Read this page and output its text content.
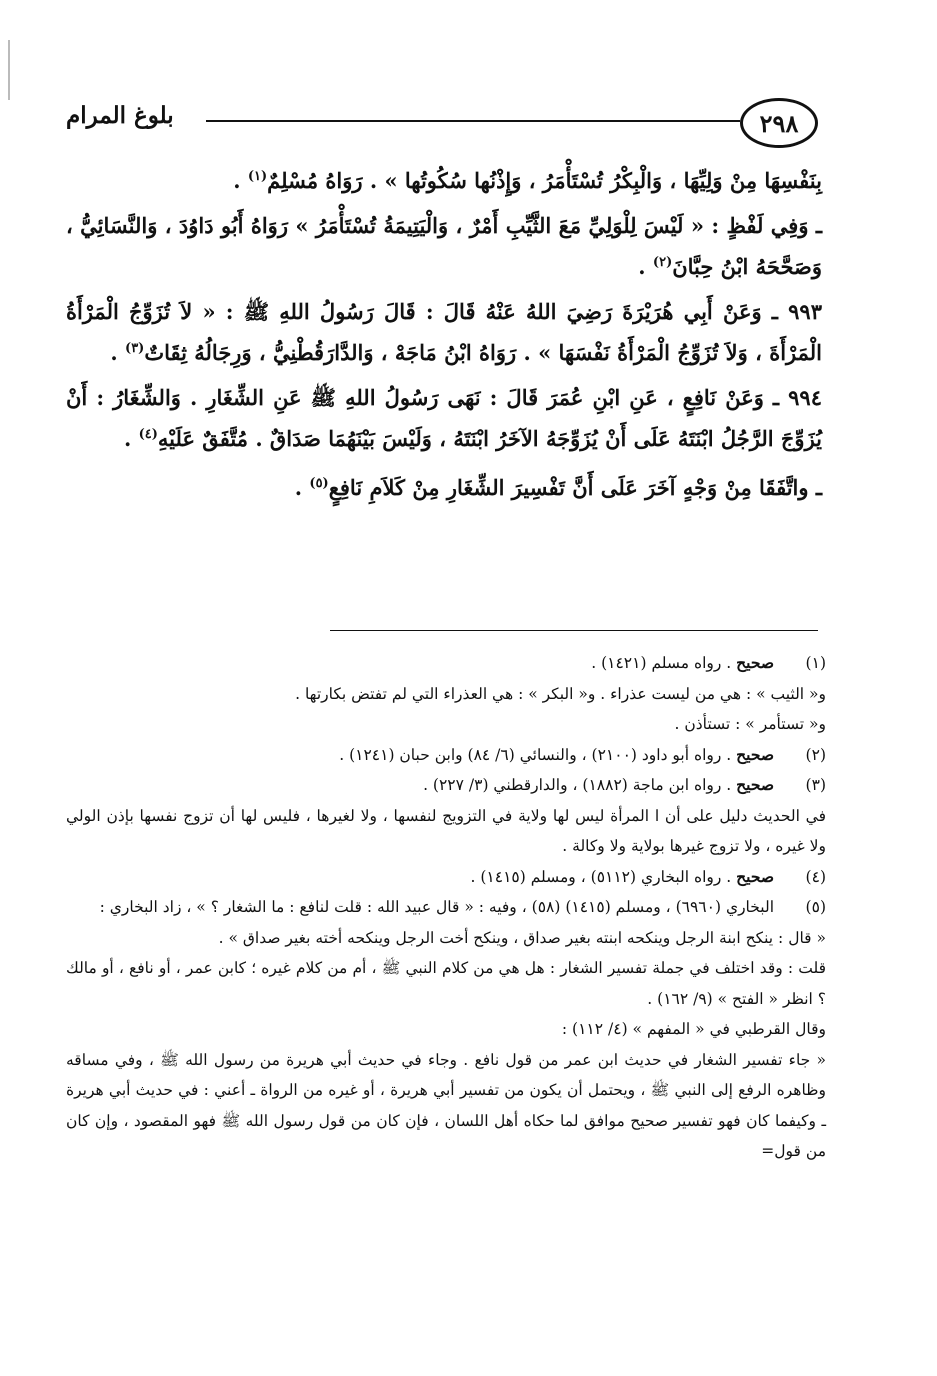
بلوغ المرام	٢٩٨

بِنَفْسِهَا مِنْ وَلِيِّهَا ، وَالْبِكْرُ تُسْتَأْمَرُ ، وَإِذْنُها سُكُوتُها » . رَوَاهُ مُسْلِمٌ$^{(١)}$ .

ـ وَفِي لَفْظٍ : « لَيْسَ لِلْوَلِيِّ مَعَ الثَّيِّبِ أَمْرٌ ، وَالْيَتِيمَةُ تُسْتَأْمَرُ » رَوَاهُ أَبُو دَاوُدَ ، وَالنَّسَائِيُّ ، وَصَحَّحَهُ ابْنُ حِبَّانَ$^{(٢)}$ .

٩٩٣ ـ وَعَنْ أَبِي هُرَيْرَةَ رَضِيَ اللهُ عَنْهُ قَالَ : قَالَ رَسُولُ اللهِ ﷺ : « لاَ تُزَوِّجُ الْمَرْأَةُ الْمَرْأَةَ ، وَلاَ تُزَوِّجُ الْمَرْأَةُ نَفْسَهَا » . رَوَاهُ ابْنُ مَاجَهْ ، وَالدَّارَقُطْنِيُّ ، وَرِجَالُهُ ثِقَاتٌ$^{(٣)}$ .

٩٩٤ ـ وَعَنْ نَافِعٍ ، عَنِ ابْنِ عُمَرَ قَالَ : نَهَى رَسُولُ اللهِ ﷺ عَنِ الشِّغَارِ . وَالشِّغَارُ : أَنْ يُزَوِّجَ الرَّجُلُ ابْنَتَهُ عَلَى أَنْ يُزَوِّجَهُ الآخَرُ ابْنَتَهُ ، وَلَيْسَ بَيْنَهُمَا صَدَاقٌ . مُتَّفَقٌ عَلَيْهِ$^{(٤)}$ .

ـ واتَّفَقَا مِنْ وَجْهٍ آخَرَ عَلَى أَنَّ تَفْسِيرَ الشِّغَارِ مِنْ كَلاَمِ نَافِعٍ$^{(٥)}$ .

(١)
صحيح . رواه مسلم (١٤٢١) .

و« الثيب » : هي من ليست عذراء . و« البكر » : هي العذراء التي لم تفتض بكارتها .

و« تستأمر » : تستأذن .

(٢)
صحيح . رواه أبو داود (٢١٠٠) ، والنسائي (٦/ ٨٤) وابن حبان (١٢٤١) .
(٣)
صحيح . رواه ابن ماجة (١٨٨٢) ، والدارقطني (٣/ ٢٢٧) .

في الحديث دليل على أن ا المرأة ليس لها ولاية في التزويج لنفسها ، ولا لغيرها ، فليس لها أن تزوج نفسها بإذن الولي ولا غيره ، ولا تزوج غيرها بولاية ولا وكالة .

(٤)
صحيح . رواه البخاري (٥١١٢) ، ومسلم (١٤١٥) .
(٥)
البخاري (٦٩٦٠) ، ومسلم (١٤١٥) (٥٨) ، وفيه : « قال عبيد الله : قلت لنافع : ما الشغار ؟ » ، زاد البخاري :

« قال : ينكح ابنة الرجل وينكحه ابنته بغير صداق ، وينكح أخت الرجل وينكحه أخته بغير صداق » .

قلت : وقد اختلف في جملة تفسير الشغار : هل هي من كلام النبي ﷺ ، أم من كلام غيره ؛ كابن عمر ، أو نافع ، أو مالك ؟ انظر « الفتح » (٩/ ١٦٢) .

وقال القرطبي في « المفهم » (٤/ ١١٢) :

« جاء تفسير الشغار في حديث ابن عمر من قول نافع . وجاء في حديث أبي هريرة من رسول الله ﷺ ، وفي مساقه وظاهره الرفع إلى النبي ﷺ ، ويحتمل أن يكون من تفسير أبي هريرة ، أو غيره من الرواة ـ أعني : في حديث أبي هريرة ـ وكيفما كان فهو تفسير صحيح موافق لما حكاه أهل اللسان ، فإن كان من قول رسول الله ﷺ فهو المقصود ، وإن كان من قول=
